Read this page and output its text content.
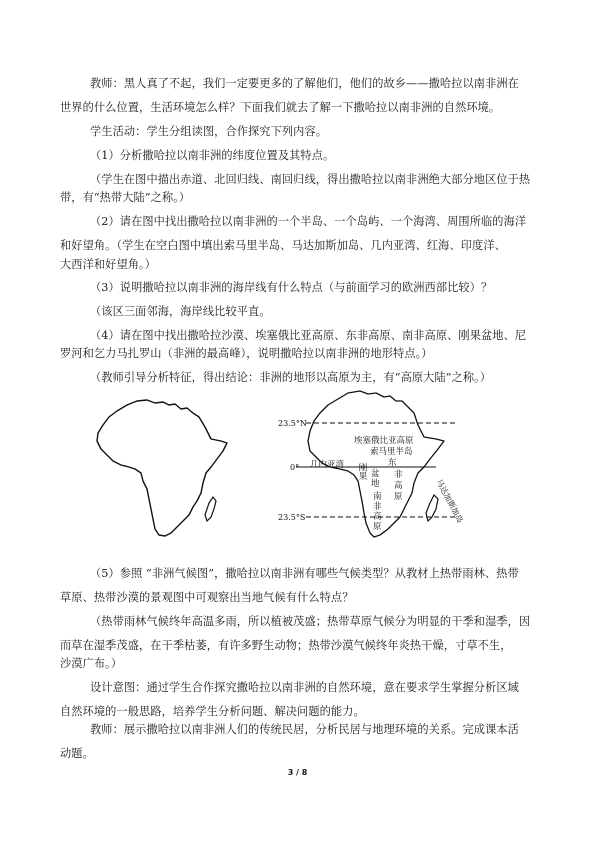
教师：黑人真了不起，我们一定要更多的了解他们，他们的故乡——撒哈拉以南非洲在
世界的什么位置，生活环境怎么样？下面我们就去了解一下撒哈拉以南非洲的自然环境。
学生活动：学生分组读图，合作探究下列内容。
（1）分析撒哈拉以南非洲的纬度位置及其特点。
（学生在图中描出赤道、北回归线、南回归线，得出撒哈拉以南非洲绝大部分地区位于热
带，有“热带大陆”之称。）
（2）请在图中找出撒哈拉以南非洲的一个半岛、一个岛屿、一个海湾、周围所临的海洋
和好望角。（学生在空白图中填出索马里半岛、马达加斯加岛、几内亚湾、红海、印度洋、
大西洋和好望角。）
（3）说明撒哈拉以南非洲的海岸线有什么特点（与前面学习的欧洲西部比较）？
（该区三面邻海，海岸线比较平直。
（4）请在图中找出撒哈拉沙漠、埃塞俄比亚高原、东非高原、南非高原、刚果盆地、尼
罗河和乞力马扎罗山（非洲的最高峰），说明撒哈拉以南非洲的地形特点。）
（教师引导分析特征，得出结论：非洲的地形以高原为主，有“高原大陆”之称。）
23.5°N
0°
23.5°S
埃塞俄比亚高原
索马里半岛
几内亚湾 刚果 东
非
高
原
盆
地
南
非
高
原
马达加斯加岛
（5）参照 “非洲气候图”，撒哈拉以南非洲有哪些气候类型？从教材上热带雨林、热带
草原、热带沙漠的景观图中可观察出当地气候有什么特点？
（热带雨林气候终年高温多雨，所以植被茂盛；热带草原气候分为明显的干季和湿季，因
而草在湿季茂盛，在干季枯萎，有许多野生动物；热带沙漠气候终年炎热干燥，寸草不生，
沙漠广布。）
设计意图：通过学生合作探究撒哈拉以南非洲的自然环境，意在要求学生掌握分析区域
自然环境的一般思路，培养学生分析问题、解决问题的能力。
教师：展示撒哈拉以南非洲人们的传统民居，分析民居与地理环境的关系。完成课本活
动题。
3 / 8
